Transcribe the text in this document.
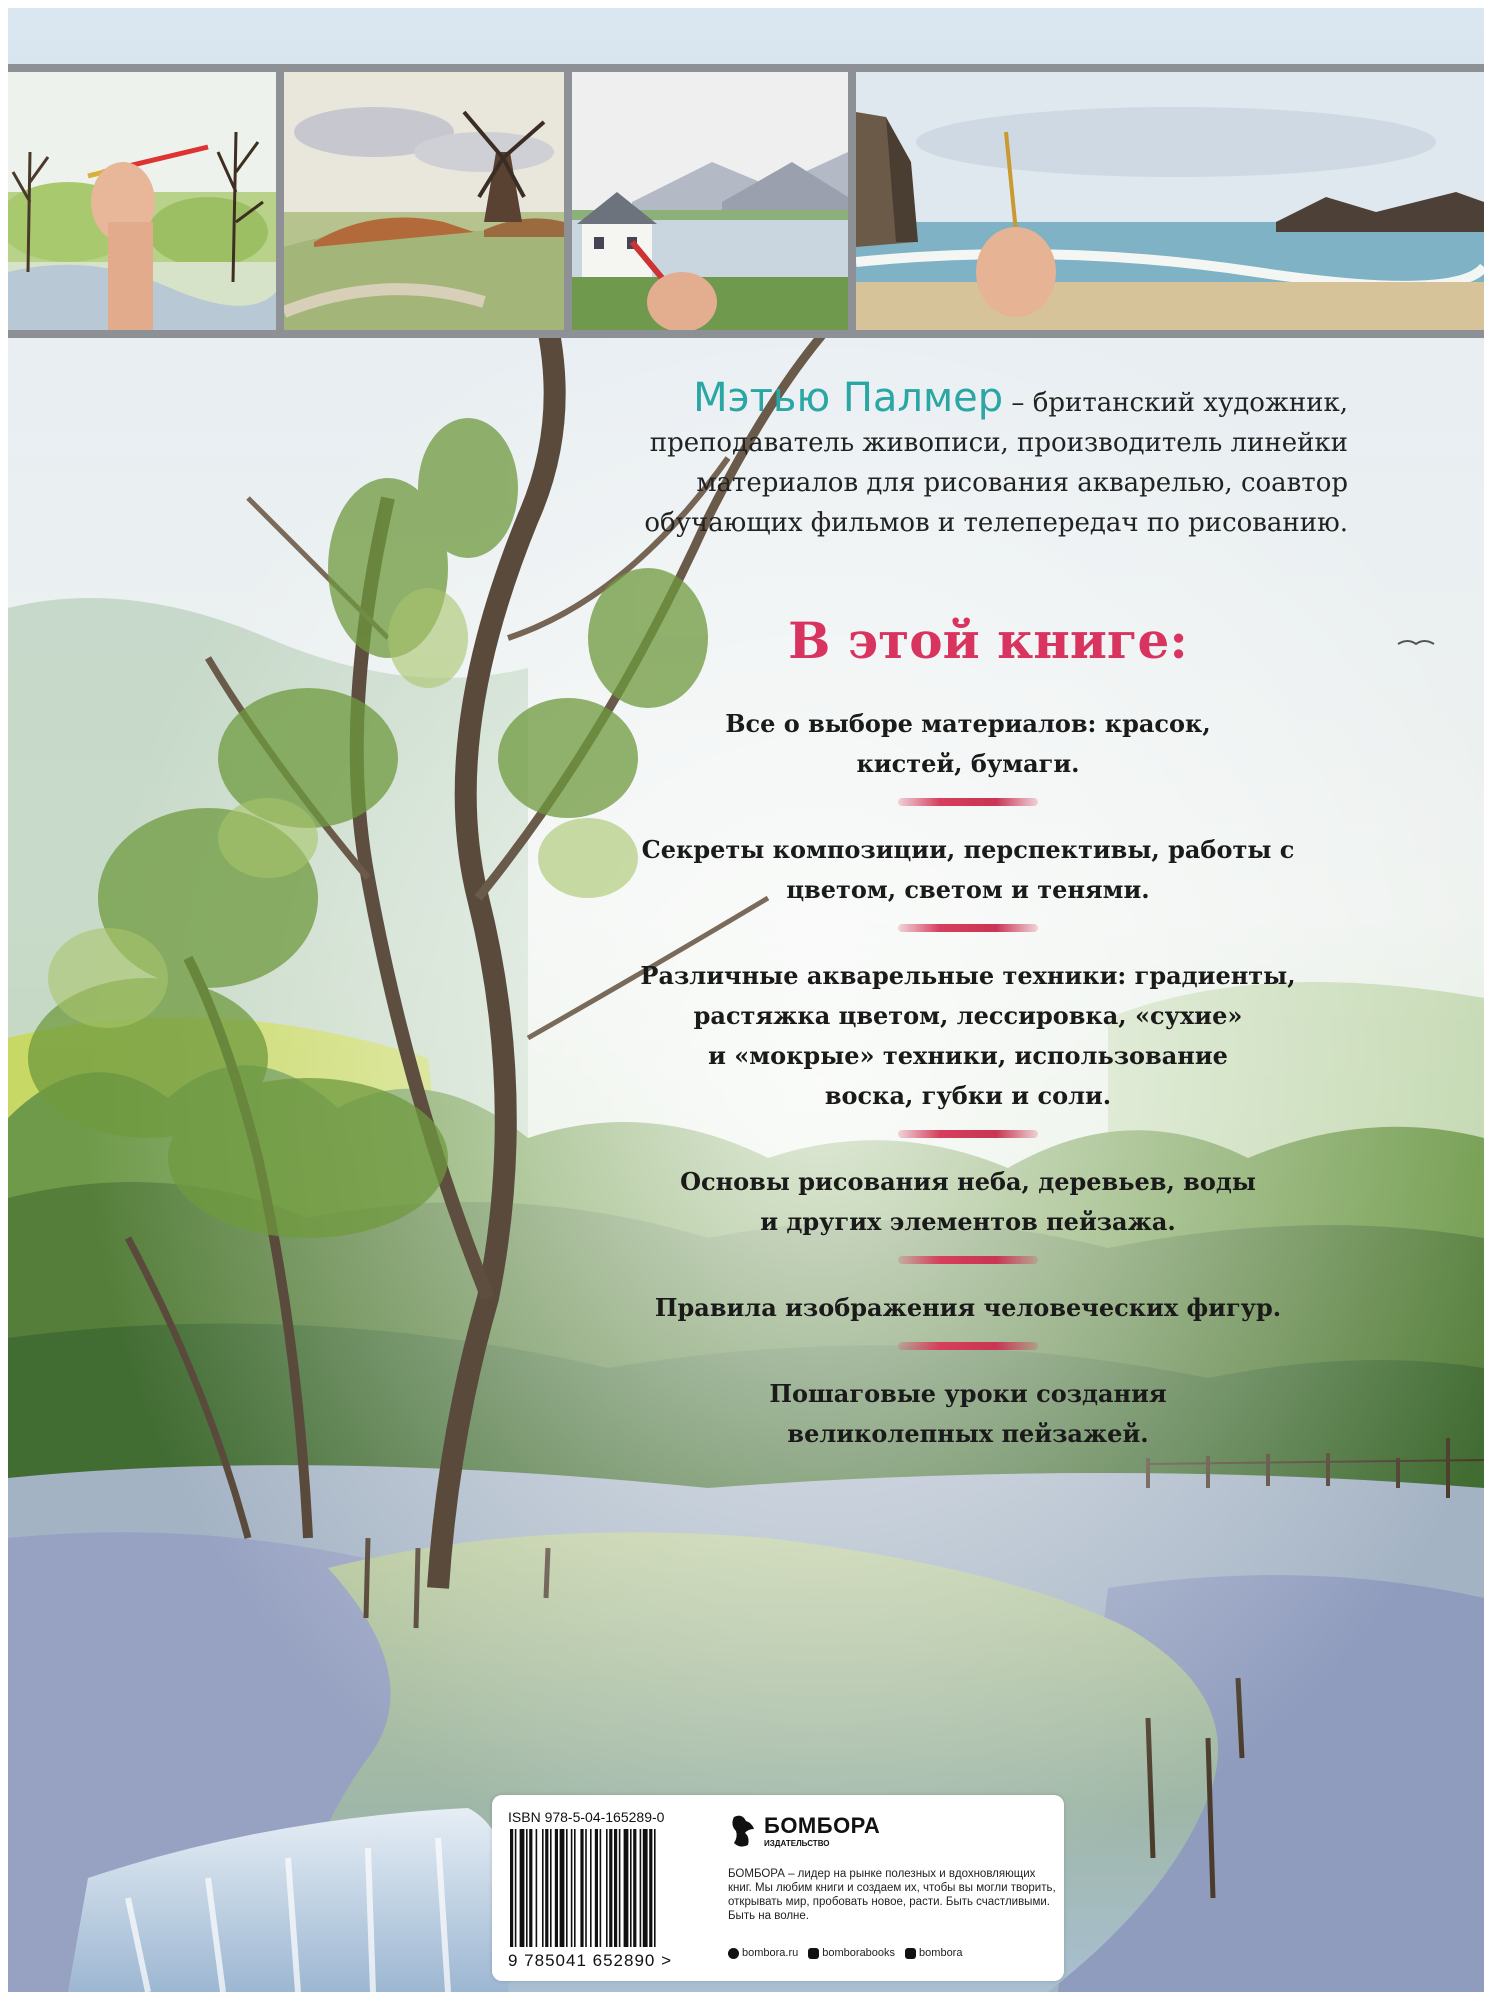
Мэтью Палмер – британский художник,
преподаватель живописи, производитель линейки
материалов для рисования акварелью, соавтор
обучающих фильмов и телепередач по рисованию.

В этой книге:
Все о выборе материалов: красок,
кистей, бумаги.
Секреты композиции, перспективы, работы с
цветом, светом и тенями.
Различные акварельные техники: градиенты,
растяжка цветом, лессировка, «сухие»
и «мокрые» техники, использование
воска, губки и соли.
Основы рисования неба, деревьев, воды
и других элементов пейзажа.
Правила изображения человеческих фигур.
Пошаговые уроки создания
великолепных пейзажей.
ISBN 978-5-04-165289-0
9 785041 652890 >
БОМБОРА
ИЗДАТЕЛЬСТВО
БОМБОРА – лидер на рынке полезных и вдохновляющих книг. Мы любим книги и создаем их, чтобы вы могли творить, открывать мир, пробовать новое, расти. Быть счастливыми. Быть на волне.
bombora.ru bomborabooks bombora
